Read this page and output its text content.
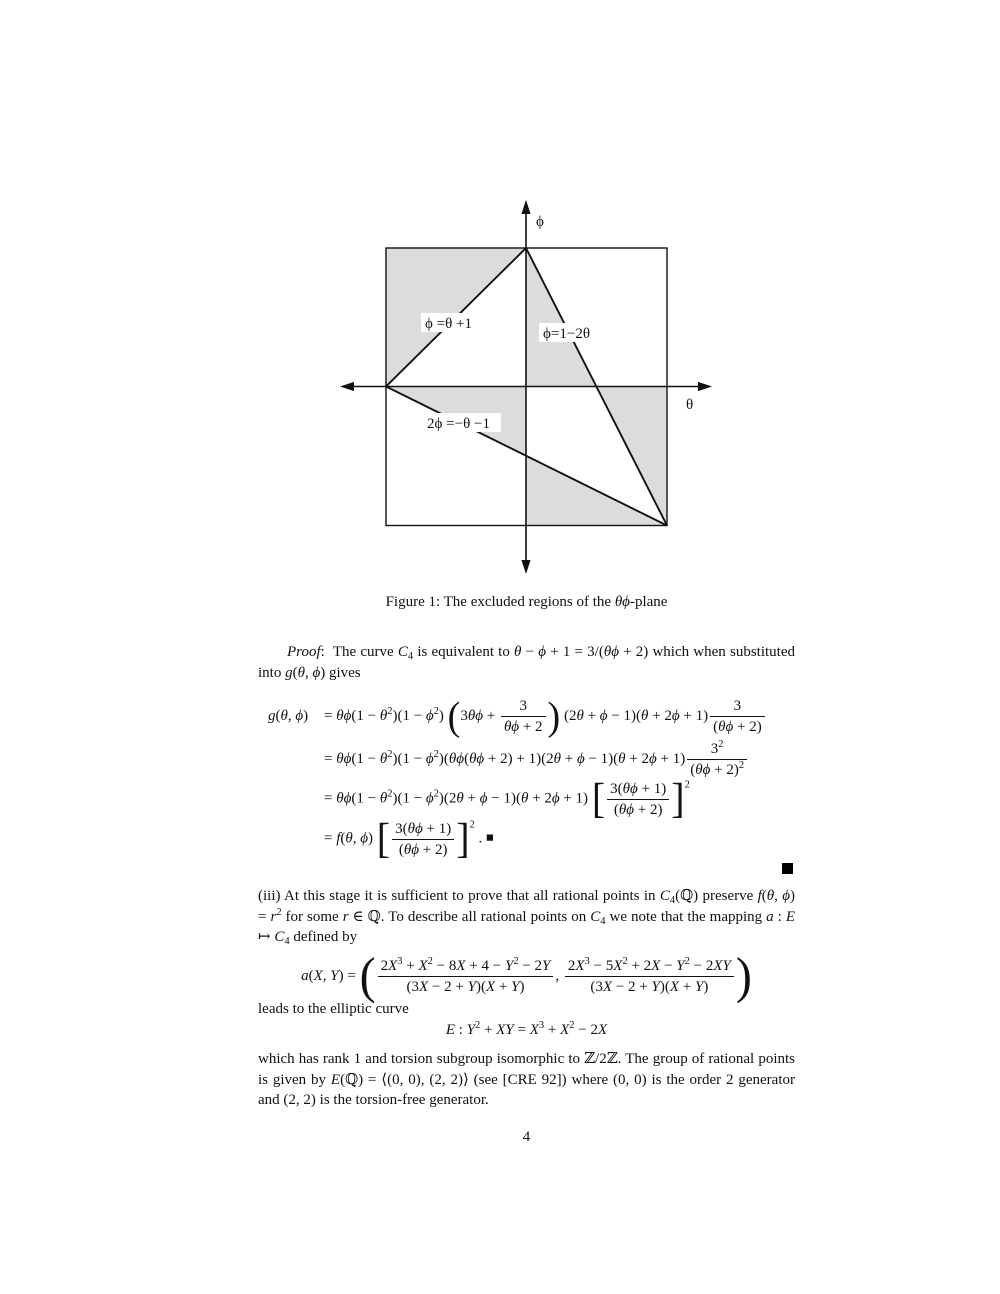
ϕ =θ +1
ϕ=1−2θ
2ϕ =−θ −1
ϕ
θ
Figure 1: The excluded regions of the θϕ-plane
Proof:  The curve $C_4$ is equivalent to θ − ϕ + 1 = 3/(θϕ + 2) which when substituted into g(θ, ϕ) gives
g(θ, ϕ)	= $\theta\phi(1 - \theta^2)(1 - \phi^2)$ ($3\theta\phi + \frac{3}{\theta\phi + 2}$ ) $(2\theta + \phi - 1)(\theta + 2\phi + 1) \frac{3}{(\theta\phi + 2)}$
= $\theta\phi(1 - \theta^2)(1 - \phi^2)(\theta\phi(\theta\phi + 2) + 1)(2\theta + \phi - 1)(\theta + 2\phi + 1) \frac{3^2}{(\theta\phi + 2)^2}$
= $\theta\phi(1 - \theta^2)(1 - \phi^2)(2\theta + \phi - 1)(\theta + 2\phi + 1)$ [ $\frac{3(\theta\phi + 1)}{(\theta\phi + 2)} ]^2$
= f(θ, ϕ) [ $\frac{3(\theta\phi + 1)}{(\theta\phi + 2)} ]^2$ . ■
(iii) At this stage it is sufficient to prove that all rational points in $C_4(ℚ)$ preserve f(θ, $\phi) = r^2$ for some r ∈ ℚ. To describe all rational points on $C_4$ we note that the mapping a : E ↦ $C_4$ defined by
a(X, Y) = ( $\frac{2X^3 + X^2 - 8X + 4 - Y^2 - 2Y}{(3X - 2 + Y)(X + Y)}$ , $\frac{2X^3 - 5X^2 + 2X - Y^2 - 2XY}{(3X - 2 + Y)(X + Y)}$ )
leads to the elliptic curve
E : $Y^2$ + XY = $X^3 + X^2 - 2X$
which has rank 1 and torsion subgroup isomorphic to ℤ/2ℤ. The group of rational points is given by E(ℚ) = ⟨(0, 0), (2, 2)⟩ (see [CRE 92]) where (0, 0) is the order 2 generator and (2, 2) is the torsion-free generator.
4
